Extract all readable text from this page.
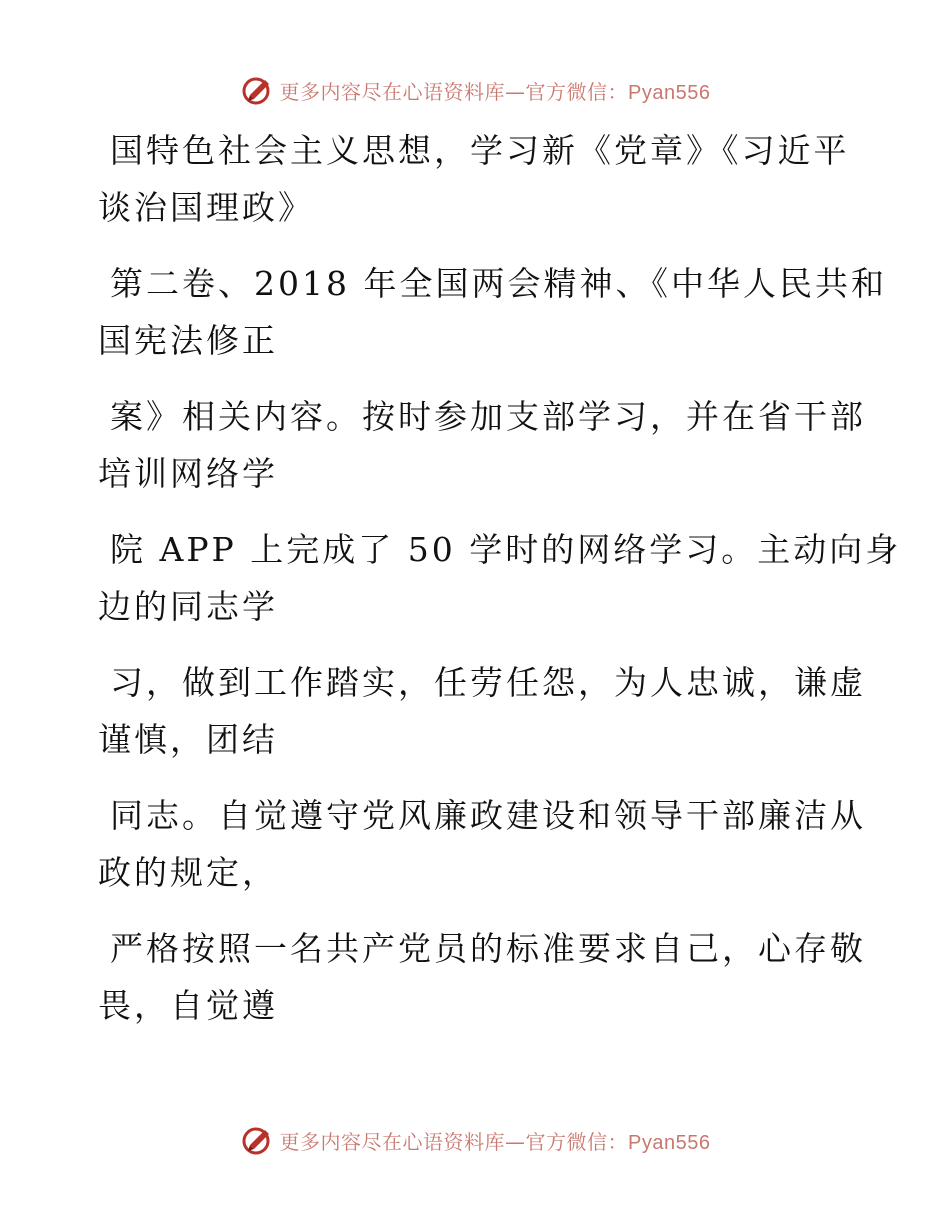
更多内容尽在心语资料库—官方微信：Pyan556

国特色社会主义思想，学习新《党章》《习近平
谈治国理政》

第二卷、2018 年全国两会精神、《中华人民共和
国宪法修正

案》相关内容。按时参加支部学习，并在省干部
培训网络学

院 APP 上完成了 50 学时的网络学习。主动向身
边的同志学

习，做到工作踏实，任劳任怨，为人忠诚，谦虚
谨慎，团结

同志。自觉遵守党风廉政建设和领导干部廉洁从
政的规定，

严格按照一名共产党员的标准要求自己，心存敬
畏，自觉遵

更多内容尽在心语资料库—官方微信：Pyan556
